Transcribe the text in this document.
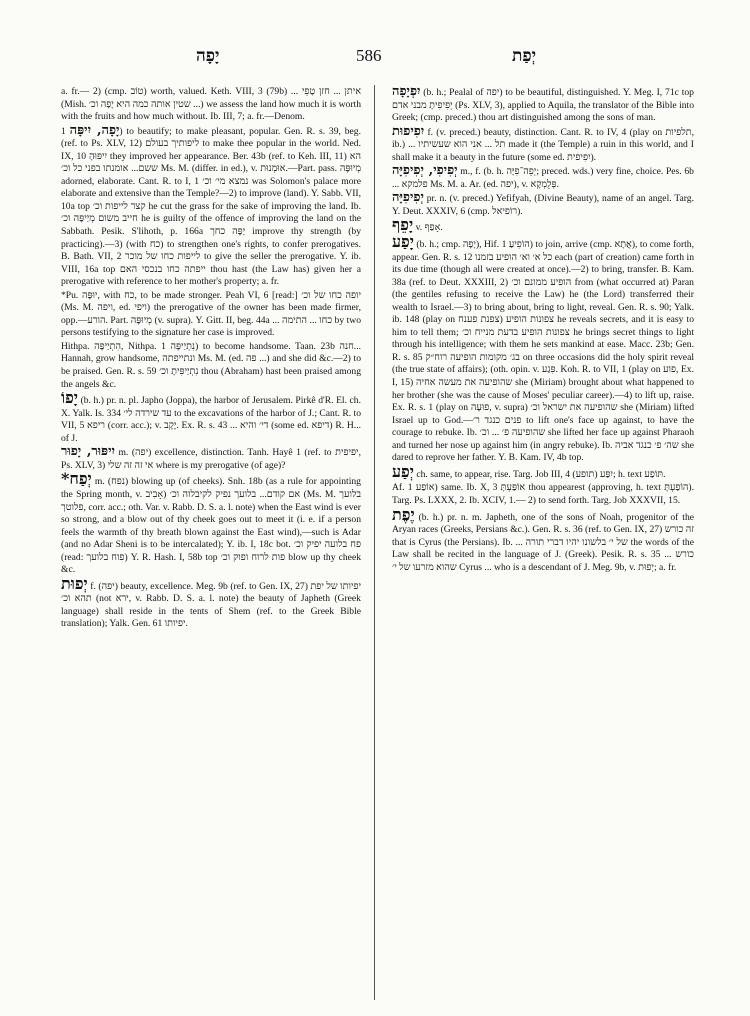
יָפָה	586	יְפַת
a. fr.— 2) (cmp. טוֹב) worth, valued. Keth. VIII, 3 (79b) ... איתן ... חזן טָפֵי (Mish. שטין אותה כמה היא יָפָה וכ׳ ...) we assess the land how much it is worth with the fruits and how much without. Ib. III, 7; a. fr.—Denom.
יָפָה, יִיפָּה 1) to beautify; to make pleasant, popular. Gen. R. s. 39, beg. (ref. to Ps. XLV, 12) ליפותיך בעולם to make thee popular in the world. Ned. IX, 10 יִיפּוּהָ they improved her appearance. Ber. 43b (ref. to Keh. III, 11) הא ששם... אומנתו בפני כל וכ׳ Ms. M. (differ. in ed.), v. אוּמְנוּת.—Part. pass. מְיוּפֶּה adorned, elaborate. Cant. R. to I, 1 נמצא מי׳ וכ׳ was Solomon's palace more elaborate and extensive than the Temple?—2) to improve (land). Y. Sabb. VII, 10a top קצר לייפות וכ׳ he cut the grass for the sake of improving the land. Ib. חייב משום מְיַיפָּה וכ׳ he is guilty of the offence of improving the land on the Sabbath. Pesik. S'lihoth, p. 166a יַפֶּה כחך improve thy strength (by practicing).—3) (with כח) to strengthen one's rights, to confer prerogatives. B. Bath. VII, 2 לייפות כחו של מוכר to give the seller the prerogative. Y. ib. VIII, 16a top ייפתה כחו בנכסי האם thou hast (the Law has) given her a prerogative with reference to her mother's property; a. fr.
*Pu. יוּפָּה, with כח, to be made stronger. Peah VI, 6 [read:] יופה כחו של וכ׳ (Ms. M. ויפה, ed. ויפי) the prerogative of the owner has been made firmer, opp.—הורע. Part. מְיוּפֶּה (v. supra). Y. Gitt. II, beg. 44a ... כחו ... התימה by two persons testifying to the signature her case is improved.
Hithpa. הִתְיַיפָּה, Nithpa. נִתְיַיפָּה 1) to become handsome. Taan. 23b חנה... Hannah, grow handsome, ונתייפתה Ms. M. (ed. פה ...) and she did &c.—2) to be praised. Gen. R. s. 59 נִתְיַיפִּיתָ וכ׳ thou (Abraham) hast been praised among the angels &c.
יָפוֹ (b. h.) pr. n. pl. Japho (Joppa), the harbor of Jerusalem. Pirkê d'R. El. ch. X. Yalk. Is. 334 עד שירדה לי׳ to the excavations of the harbor of J.; Cant. R. to VII, 5 ריפא (corr. acc.); v. יֶקֶב. Ex. R. s. 43 ... די׳ והיא (some ed. דיפא) R. H... of J.
יִיפּוּר, יָפוּר m. (יפה) excellence, distinction. Tanh. Hayê 1 (ref. to יפיפית, Ps. XLV, 3) אי זה זה שלי where is my prerogative (of age)?
*יְפַח m. (נפח) blowing up (of cheeks). Snh. 18b (as a rule for appointing the Spring month, v. אָבִיב) אם קודם... בלועך נפיק לקיבלוה וכ׳ (Ms. M. בלועך פלוטך, corr. acc.; oth. Var. v. Rabb. D. S. a. l. note) when the East wind is ever so strong, and a blow out of thy cheek goes out to meet it (i. e. if a person feels the warmth of thy breath blown against the East wind),—such is Adar (and no Adar Sheni is to be intercalated); Y. ib. I, 18c bot. פח בלועה יפיק וכ׳ (read: פוח בלועך) Y. R. Hash. I, 58b top פות לרוח ופוק וכ׳ blow up thy cheek &c.
יְפוּת f. (יפה) beauty, excellence. Meg. 9b (ref. to Gen. IX, 27) יפיותו של יפת תהא וכ׳ (not ירא, v. Rabb. D. S. a. l. note) the beauty of Japheth (Greek language) shall reside in the tents of Shem (ref. to the Greek Bible translation); Yalk. Gen. 61 יפיותו.
יִפְיָפָה (b. h.; Pealal of יפה) to be beautiful, distinguished. Y. Meg. I, 71c top יְפִיפִיתָ מבני אדם (Ps. XLV, 3), applied to Aquila, the translator of the Bible into Greek; (cmp. preced.) thou art distinguished among the sons of man.
יִפִיפוּת f. (v. preced.) beauty, distinction. Cant. R. to IV, 4 (play on תלפיות, ib.) ... תל ... אני הוא שעשיתיו made it (the Temple) a ruin in this world, and I shall make it a beauty in the future (some ed. יִפִיפית).
יְפִיפִי, יְפִיפִיָּה m., f. (b. h. יְפֵה־פִיָּה; preced. wds.) very fine, choice. Pes. 6b ... פלמקא Ms. M. a. Ar. (ed. יפה), v. פְּלֻמְקָא.
יְפִיפִיָּה pr. n. (v. preced.) Yefifyah, (Divine Beauty), name of an angel. Targ. Y. Deut. XXXIV, 6 (cmp. רוֹפיאל).
יָפֵף v. אָפַף.
יָפַע (b. h.; cmp. יָפָה), Hif. הוֹפִיעַ 1) to join, arrive (cmp. אֲתָא), to come forth, appear. Gen. R. s. 12 כל א׳ וא׳ הופיע בזמנו each (part of creation) came forth in its due time (though all were created at once).—2) to bring, transfer. B. Kam. 38a (ref. to Deut. XXXIII, 2) הופיע ממונם וכ׳ from (what occurred at) Paran (the gentiles refusing to receive the Law) he (the Lord) transferred their wealth to Israel.—3) to bring about, bring to light, reveal. Gen. R. s. 90; Yalk. ib. 148 (play on צפנת פענח) צפונות הופיע he reveals secrets, and it is easy to him to tell them; צפונות הופיע בדעת מנייח וכ׳ he brings secret things to light through his intelligence; with them he sets mankind at ease. Macc. 23b; Gen. R. s. 85 בג׳ מקומות הופיעה רוח״ק on three occasions did the holy spirit reveal (the true state of affairs); (oth. opin. v. פִּגַע. Koh. R. to VII, 1 (play on פוע, Ex. I, 15) שהופיעה את מעשה אחיה she (Miriam) brought about what happened to her brother (she was the cause of Moses' peculiar career).—4) to lift up, raise. Ex. R. s. 1 (play on פוּעָה, v. supra) שהופיעה את ישראל וכ׳ she (Miriam) lifted Israel up to God.—פנים כנגד ר׳ to lift one's face up against, to have the courage to rebuke. Ib. שהופיעה פ׳ ... וכ׳ she lifted her face up against Pharaoh and turned her nose up against him (in angry rebuke). Ib. שה׳ פ׳ כנגד אביה she dared to reprove her father. Y. B. Kam. IV, 4b top.
יְפַע ch. same, to appear, rise. Targ. Job III, 4 יִפַּע (תופע); h. text תּוֹפַע.
Af. אוֹפַע 1) same. Ib. X, 3 אוֹפַּעְתָּ thou appearest (approving, h. text הוֹפַעְתָּ). Targ. Ps. LXXX, 2. Ib. XCIV, 1.— 2) to send forth. Targ. Job XXXVII, 15.
יֶפֶת (b. h.) pr. n. m. Japheth, one of the sons of Noah, progenitor of the Aryan races (Greeks, Persians &c.). Gen. R. s. 36 (ref. to Gen. IX, 27) זה כורש that is Cyrus (the Persians). Ib. ... של י׳ בלשונו יהיו דברי תורה the words of the Law shall be recited in the language of J. (Greek). Pesik. R. s. 35 כורש ... שהוא מזרעו של י׳ Cyrus ... who is a descendant of J. Meg. 9b, v. יְפוּת; a. fr.
